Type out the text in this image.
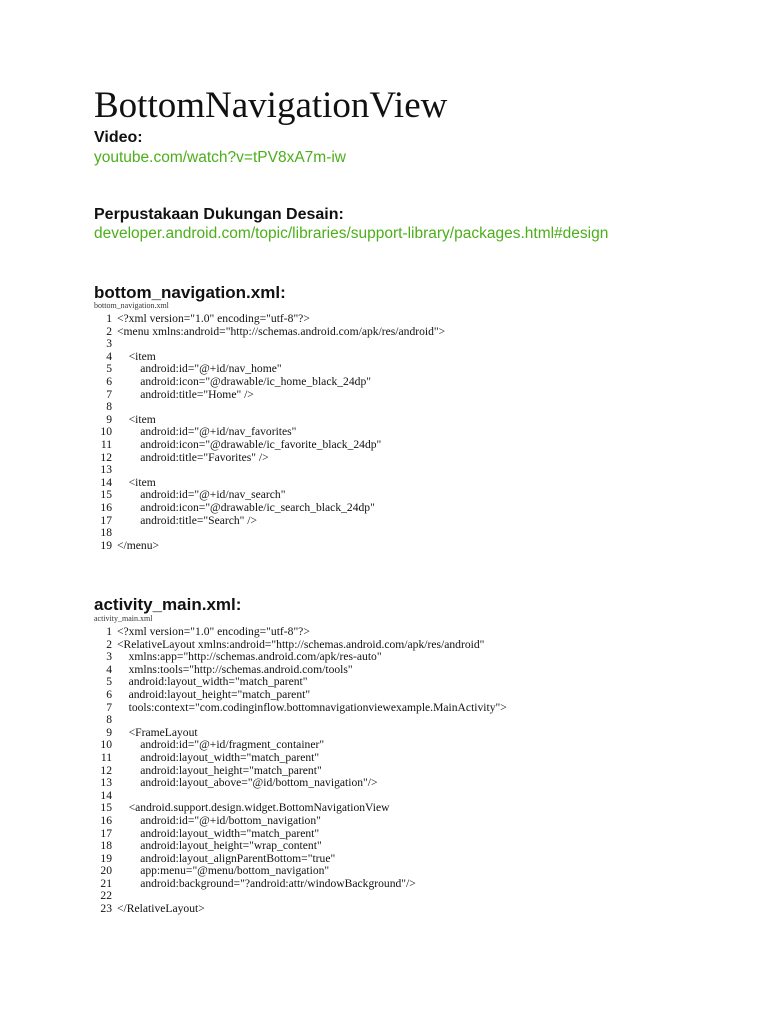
BottomNavigationView
Video:
youtube.com/watch?v=tPV8xA7m-iw
Perpustakaan Dukungan Desain:
developer.android.com/topic/libraries/support-library/packages.html#design
bottom_navigation.xml:
bottom_navigation.xml
1 <?xml version="1.0" encoding="utf-8"?>
2 <menu xmlns:android="http://schemas.android.com/apk/res/android">
3
4 <item
5 android:id="@+id/nav_home"
6 android:icon="@drawable/ic_home_black_24dp"
7 android:title="Home" />
8
9 <item
10 android:id="@+id/nav_favorites"
11 android:icon="@drawable/ic_favorite_black_24dp"
12 android:title="Favorites" />
13
14 <item
15 android:id="@+id/nav_search"
16 android:icon="@drawable/ic_search_black_24dp"
17 android:title="Search" />
18
19 </menu>
activity_main.xml:
activity_main.xml
1 <?xml version="1.0" encoding="utf-8"?>
2 <RelativeLayout xmlns:android="http://schemas.android.com/apk/res/android"
3 xmlns:app="http://schemas.android.com/apk/res-auto"
4 xmlns:tools="http://schemas.android.com/tools"
5 android:layout_width="match_parent"
6 android:layout_height="match_parent"
7 tools:context="com.codinginflow.bottomnavigationviewexample.MainActivity">
8
9 <FrameLayout
10 android:id="@+id/fragment_container"
11 android:layout_width="match_parent"
12 android:layout_height="match_parent"
13 android:layout_above="@id/bottom_navigation"/>
14
15 <android.support.design.widget.BottomNavigationView
16 android:id="@+id/bottom_navigation"
17 android:layout_width="match_parent"
18 android:layout_height="wrap_content"
19 android:layout_alignParentBottom="true"
20 app:menu="@menu/bottom_navigation"
21 android:background="?android:attr/windowBackground"/>
22
23 </RelativeLayout>
